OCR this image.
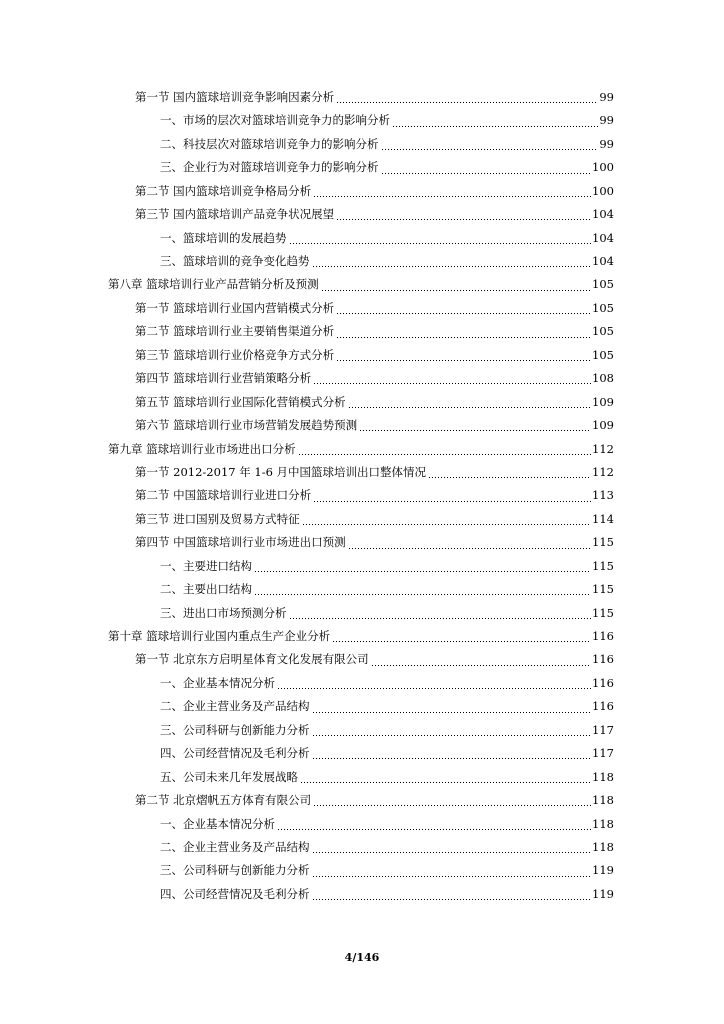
第一节 国内篮球培训竞争影响因素分析	99
一、市场的层次对篮球培训竞争力的影响分析	99
二、科技层次对篮球培训竞争力的影响分析	99
三、企业行为对篮球培训竞争力的影响分析	100
第二节 国内篮球培训竞争格局分析	100
第三节 国内篮球培训产品竞争状况展望	104
一、篮球培训的发展趋势	104
三、篮球培训的竞争变化趋势	104
第八章 篮球培训行业产品营销分析及预测	105
第一节 篮球培训行业国内营销模式分析	105
第二节 篮球培训行业主要销售渠道分析	105
第三节 篮球培训行业价格竞争方式分析	105
第四节 篮球培训行业营销策略分析	108
第五节 篮球培训行业国际化营销模式分析	109
第六节 篮球培训行业市场营销发展趋势预测	109
第九章 篮球培训行业市场进出口分析	112
第一节 2012-2017 年 1-6 月中国篮球培训出口整体情况	112
第二节 中国篮球培训行业进口分析	113
第三节 进口国别及贸易方式特征	114
第四节 中国篮球培训行业市场进出口预测	115
一、主要进口结构	115
二、主要出口结构	115
三、进出口市场预测分析	115
第十章 篮球培训行业国内重点生产企业分析	116
第一节 北京东方启明星体育文化发展有限公司	116
一、企业基本情况分析	116
二、企业主营业务及产品结构	116
三、公司科研与创新能力分析	117
四、公司经营情况及毛利分析	117
五、公司未来几年发展战略	118
第二节 北京熠帆五方体育有限公司	118
一、企业基本情况分析	118
二、企业主营业务及产品结构	118
三、公司科研与创新能力分析	119
四、公司经营情况及毛利分析	119
4/146
